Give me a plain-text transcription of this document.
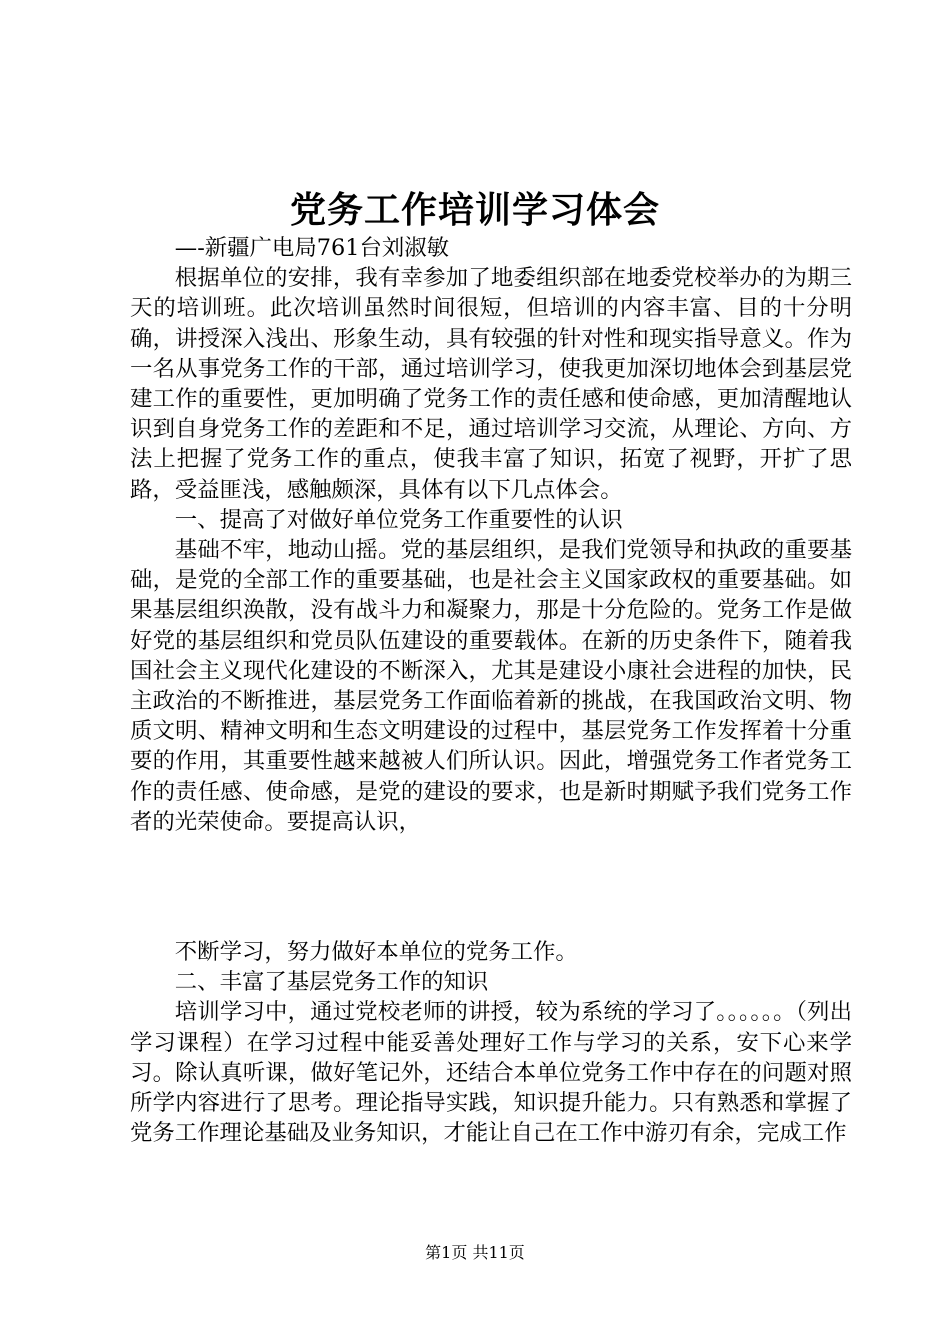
党务工作培训学习体会

—-新疆广电局761台刘淑敏

根据单位的安排，我有幸参加了地委组织部在地委党校举办的为期三天的培训班。此次培训虽然时间很短，但培训的内容丰富、目的十分明确，讲授深入浅出、形象生动，具有较强的针对性和现实指导意义。作为一名从事党务工作的干部，通过培训学习，使我更加深切地体会到基层党建工作的重要性，更加明确了党务工作的责任感和使命感，更加清醒地认识到自身党务工作的差距和不足，通过培训学习交流，从理论、方向、方法上把握了党务工作的重点，使我丰富了知识，拓宽了视野，开扩了思路，受益匪浅，感触颇深，具体有以下几点体会。

一、提高了对做好单位党务工作重要性的认识

基础不牢，地动山摇。党的基层组织，是我们党领导和执政的重要基础，是党的全部工作的重要基础，也是社会主义国家政权的重要基础。如果基层组织涣散，没有战斗力和凝聚力，那是十分危险的。党务工作是做好党的基层组织和党员队伍建设的重要载体。在新的历史条件下，随着我国社会主义现代化建设的不断深入，尤其是建设小康社会进程的加快，民主政治的不断推进，基层党务工作面临着新的挑战，在我国政治文明、物质文明、精神文明和生态文明建设的过程中，基层党务工作发挥着十分重要的作用，其重要性越来越被人们所认识。因此，增强党务工作者党务工作的责任感、使命感，是党的建设的要求，也是新时期赋予我们党务工作者的光荣使命。要提高认识，

不断学习，努力做好本单位的党务工作。

二、丰富了基层党务工作的知识

培训学习中，通过党校老师的讲授，较为系统的学习了。。。。。。（列出学习课程）在学习过程中能妥善处理好工作与学习的关系，安下心来学习。除认真听课，做好笔记外，还结合本单位党务工作中存在的问题对照所学内容进行了思考。理论指导实践，知识提升能力。只有熟悉和掌握了党务工作理论基础及业务知识，才能让自己在工作中游刃有余，完成工作

第1页 共11页
